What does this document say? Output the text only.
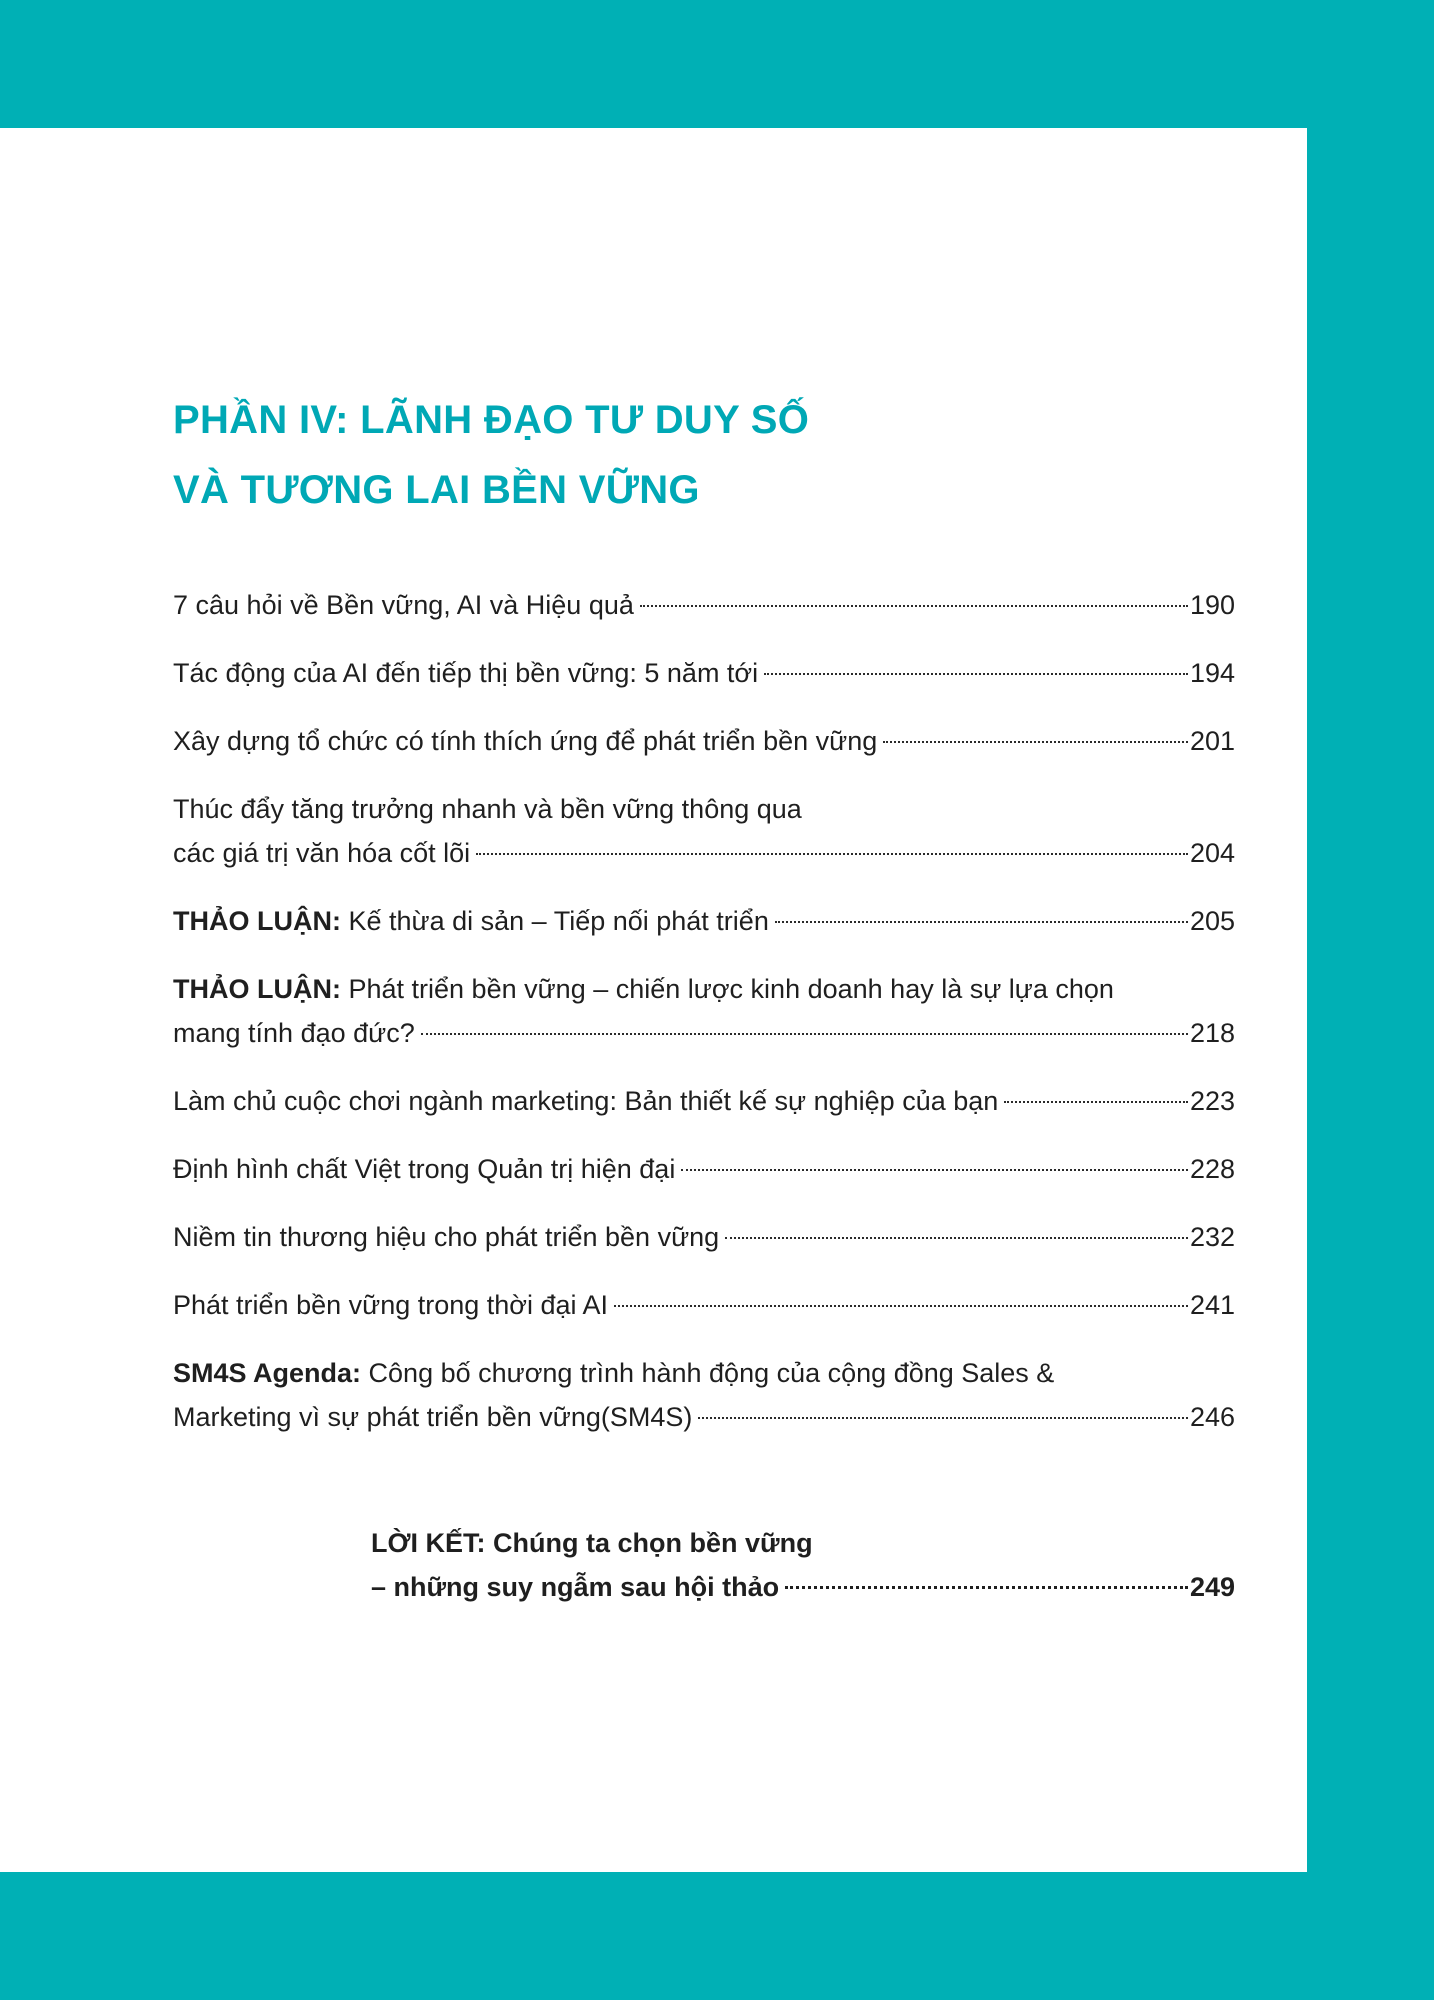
PHẦN IV: LÃNH ĐẠO TƯ DUY SỐ
VÀ TƯƠNG LAI BỀN VỮNG
7 câu hỏi về Bền vững, AI và Hiệu quả	190
Tác động của AI đến tiếp thị bền vững: 5 năm tới	194
Xây dựng tổ chức có tính thích ứng để phát triển bền vững	201
Thúc đẩy tăng trưởng nhanh và bền vững thông qua
các giá trị văn hóa cốt lõi	204
THẢO LUẬN: Kế thừa di sản – Tiếp nối phát triển	205
THẢO LUẬN: Phát triển bền vững – chiến lược kinh doanh hay là sự lựa chọn
mang tính đạo đức?	218
Làm chủ cuộc chơi ngành marketing: Bản thiết kế sự nghiệp của bạn	223
Định hình chất Việt trong Quản trị hiện đại	228
Niềm tin thương hiệu cho phát triển bền vững	232
Phát triển bền vững trong thời đại AI	241
SM4S Agenda: Công bố chương trình hành động của cộng đồng Sales &
Marketing vì sự phát triển bền vững(SM4S)	246
LỜI KẾT: Chúng ta chọn bền vững
– những suy ngẫm sau hội thảo	249
